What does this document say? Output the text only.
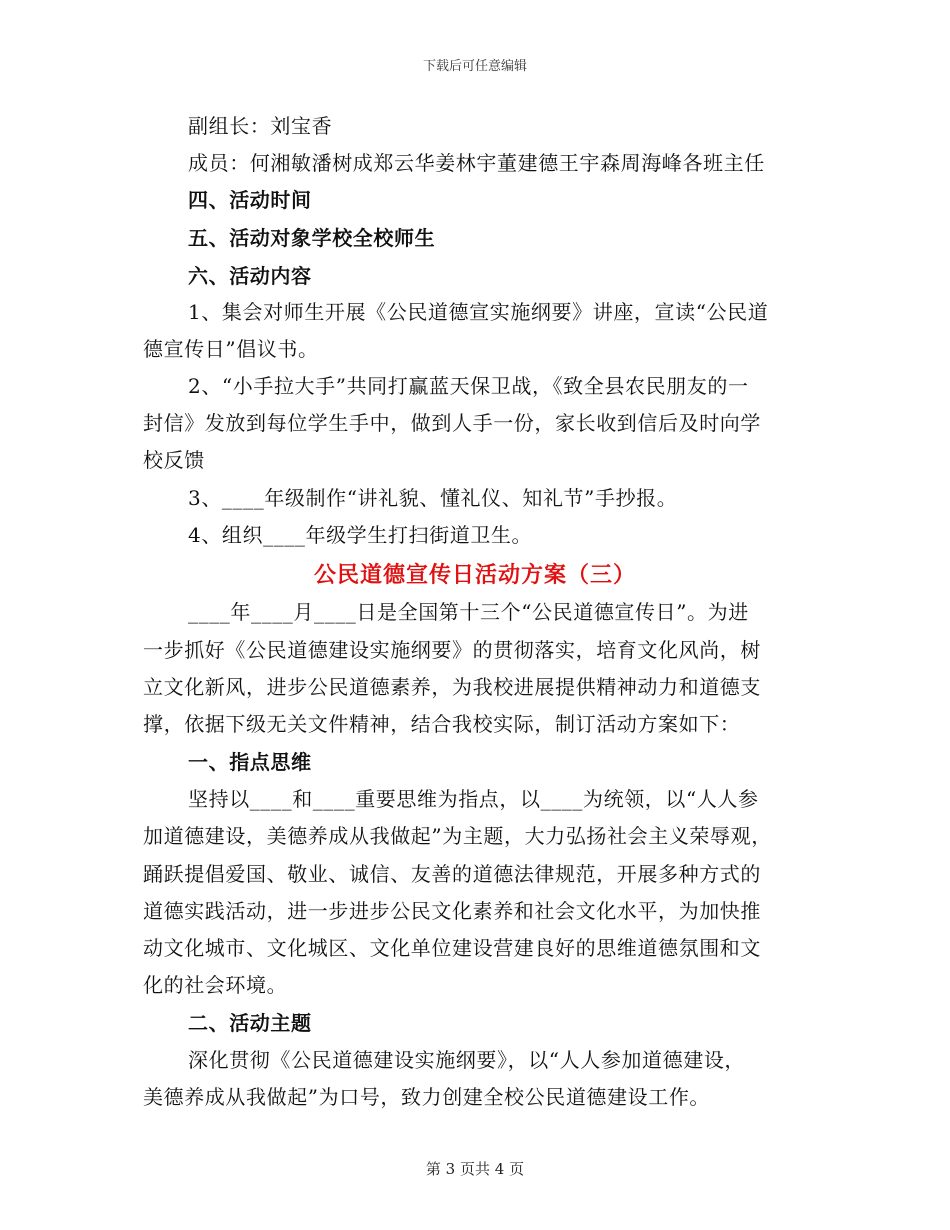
下载后可任意编辑
副组长：刘宝香
成员：何湘敏潘树成郑云华姜林宇董建德王宇森周海峰各班主任
四、活动时间
五、活动对象学校全校师生
六、活动内容
1、集会对师生开展《公民道德宣实施纲要》讲座，宣读“公民道
德宣传日”倡议书。
2、“小手拉大手”共同打赢蓝天保卫战，《致全县农民朋友的一
封信》发放到每位学生手中，做到人手一份，家长收到信后及时向学
校反馈
3、____年级制作“讲礼貌、懂礼仪、知礼节”手抄报。
4、组织____年级学生打扫街道卫生。
公民道德宣传日活动方案（三）
____年____月____日是全国第十三个“公民道德宣传日”。为进
一步抓好《公民道德建设实施纲要》的贯彻落实，培育文化风尚，树
立文化新风，进步公民道德素养，为我校进展提供精神动力和道德支
撑，依据下级无关文件精神，结合我校实际，制订活动方案如下：
一、指点思维
坚持以____和____重要思维为指点，以____为统领，以“人人参
加道德建设，美德养成从我做起”为主题，大力弘扬社会主义荣辱观，
踊跃提倡爱国、敬业、诚信、友善的道德法律规范，开展多种方式的
道德实践活动，进一步进步公民文化素养和社会文化水平，为加快推
动文化城市、文化城区、文化单位建设营建良好的思维道德氛围和文
化的社会环境。
二、活动主题
深化贯彻《公民道德建设实施纲要》，以“人人参加道德建设，
美德养成从我做起”为口号，致力创建全校公民道德建设工作。
第 3 页共 4 页
